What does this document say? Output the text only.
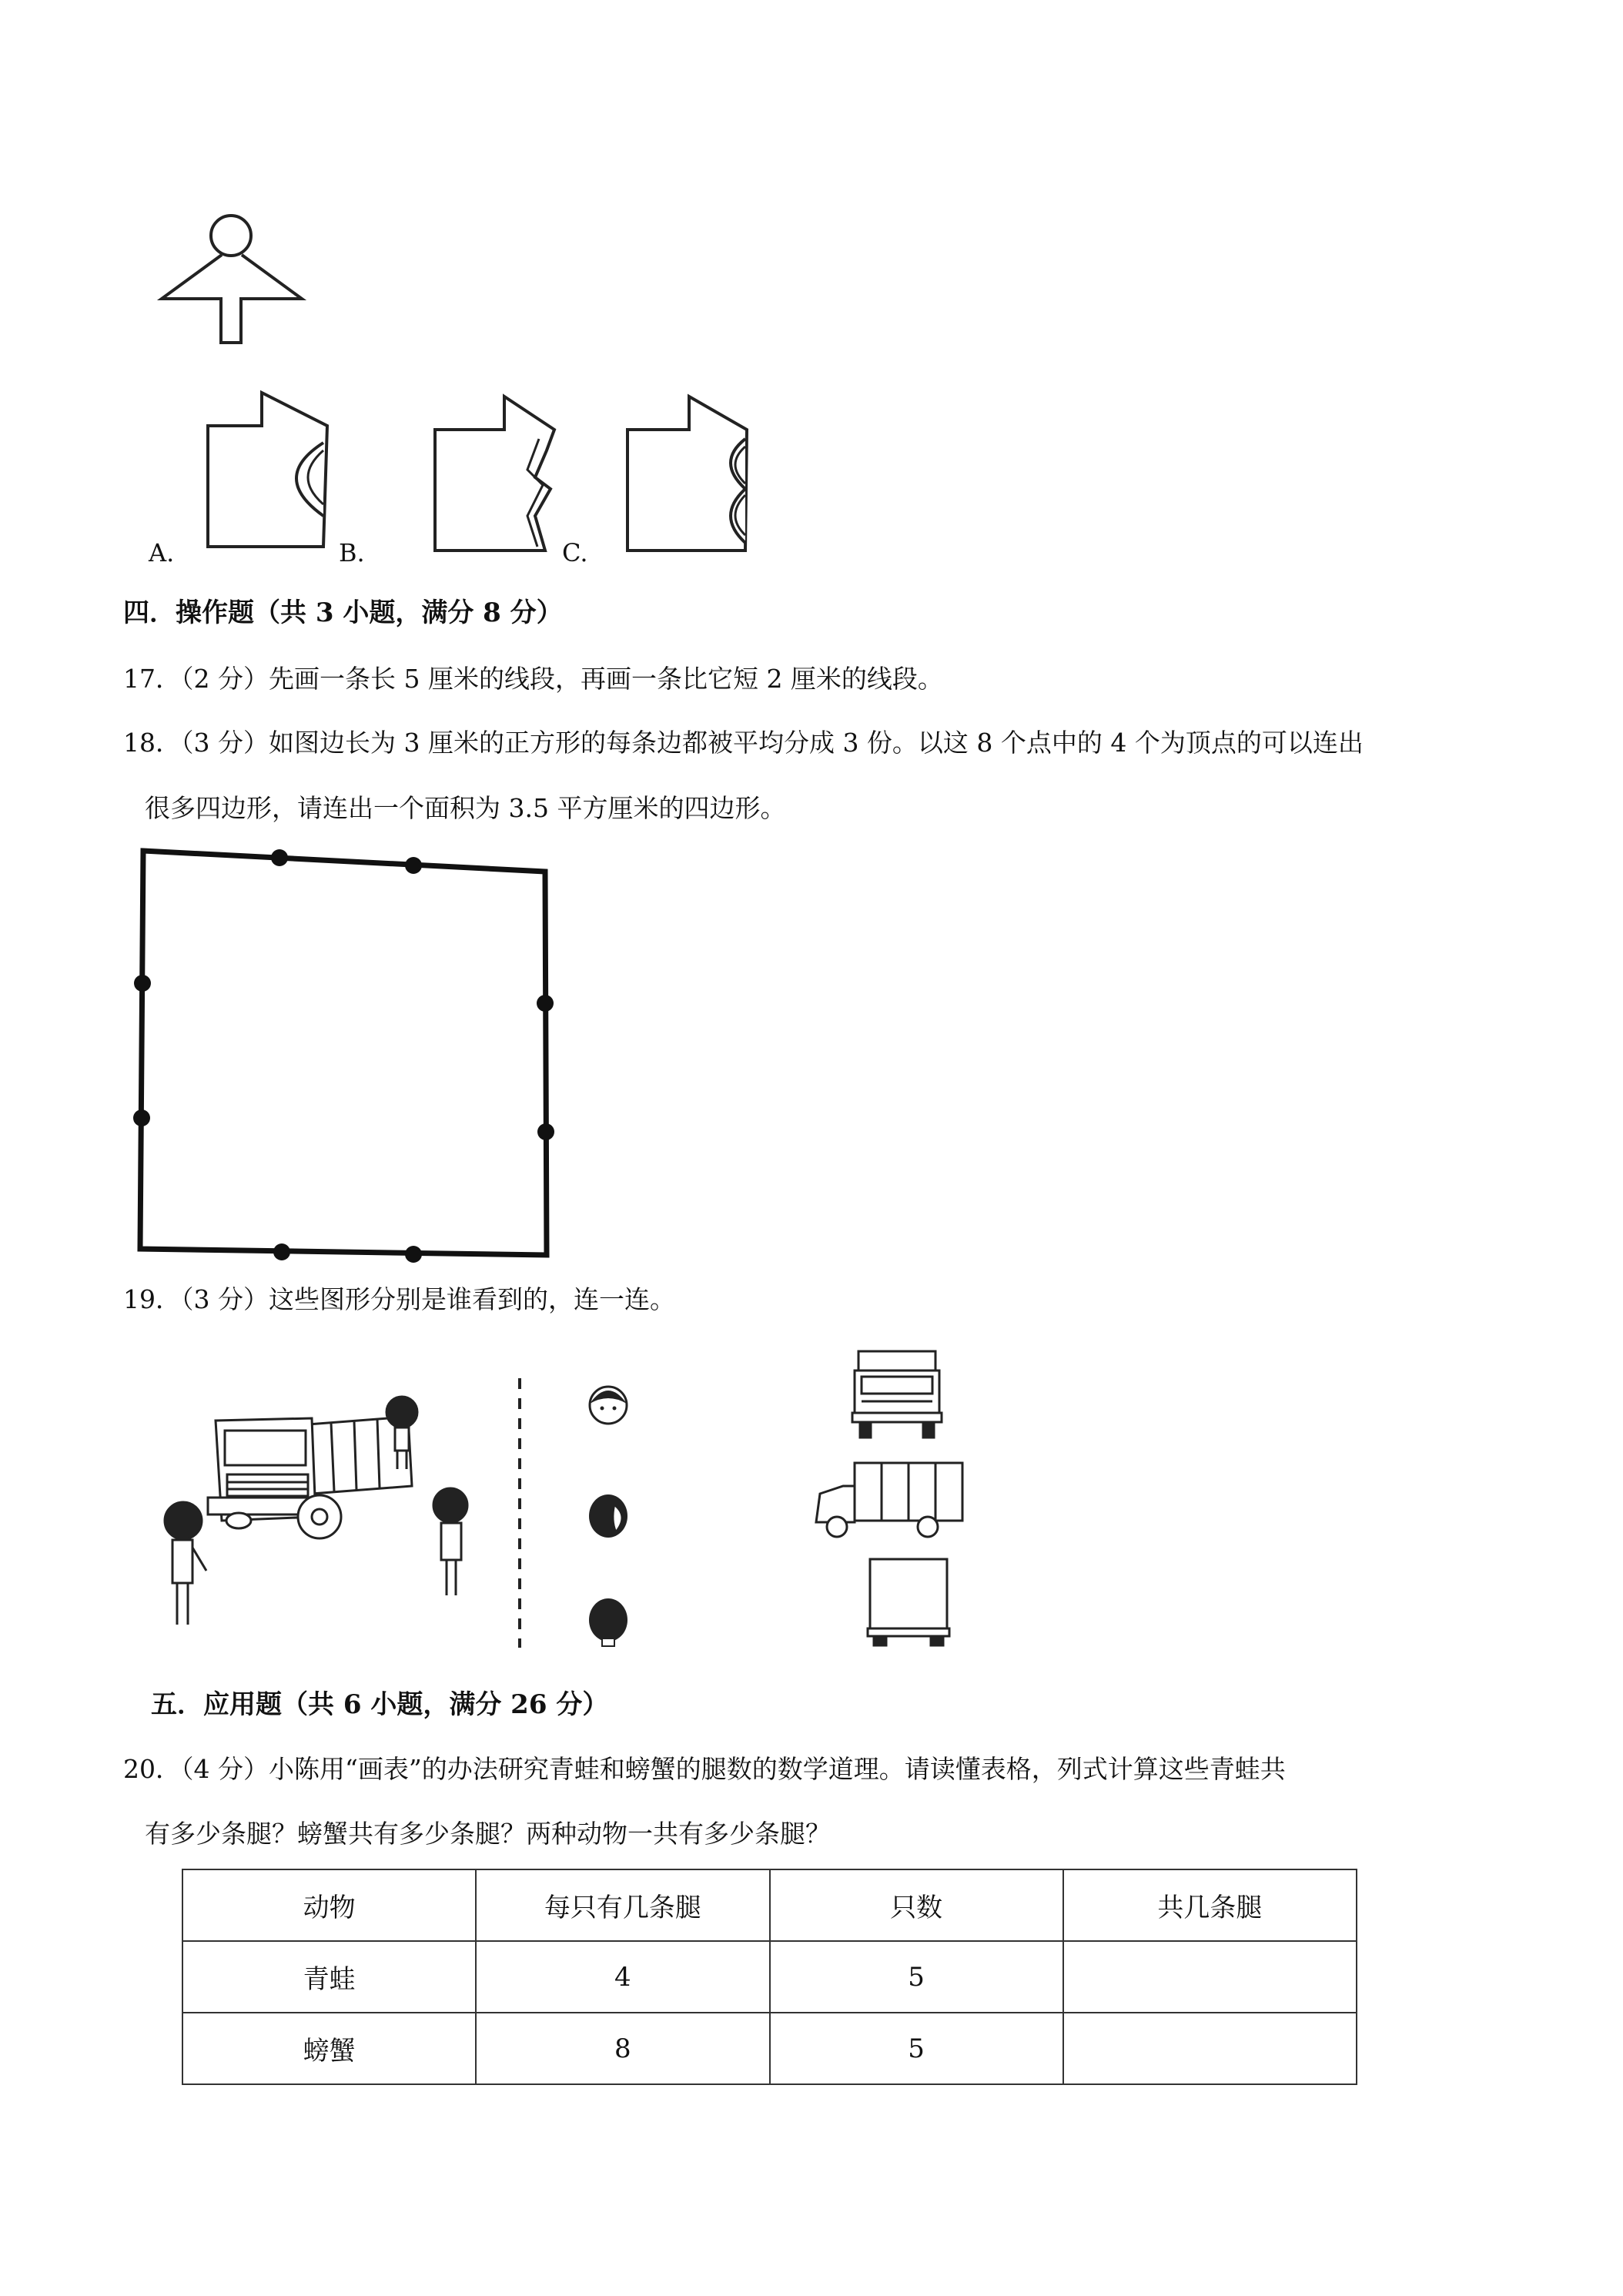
A.	B.	C.
四．操作题（共 3 小题，满分 8 分）
17．（2 分）先画一条长 5 厘米的线段，再画一条比它短 2 厘米的线段。
18．（3 分）如图边长为 3 厘米的正方形的每条边都被平均分成 3 份。以这 8 个点中的 4 个为顶点的可以连出
很多四边形，请连出一个面积为 3.5 平方厘米的四边形。
19．（3 分）这些图形分别是谁看到的，连一连。
五．应用题（共 6 小题，满分 26 分）
20．（4 分）小陈用“画表”的办法研究青蛙和螃蟹的腿数的数学道理。请读懂表格，列式计算这些青蛙共
有多少条腿？螃蟹共有多少条腿？两种动物一共有多少条腿？
动物	每只有几条腿	只数	共几条腿
青蛙	4	5	
螃蟹	8	5	
